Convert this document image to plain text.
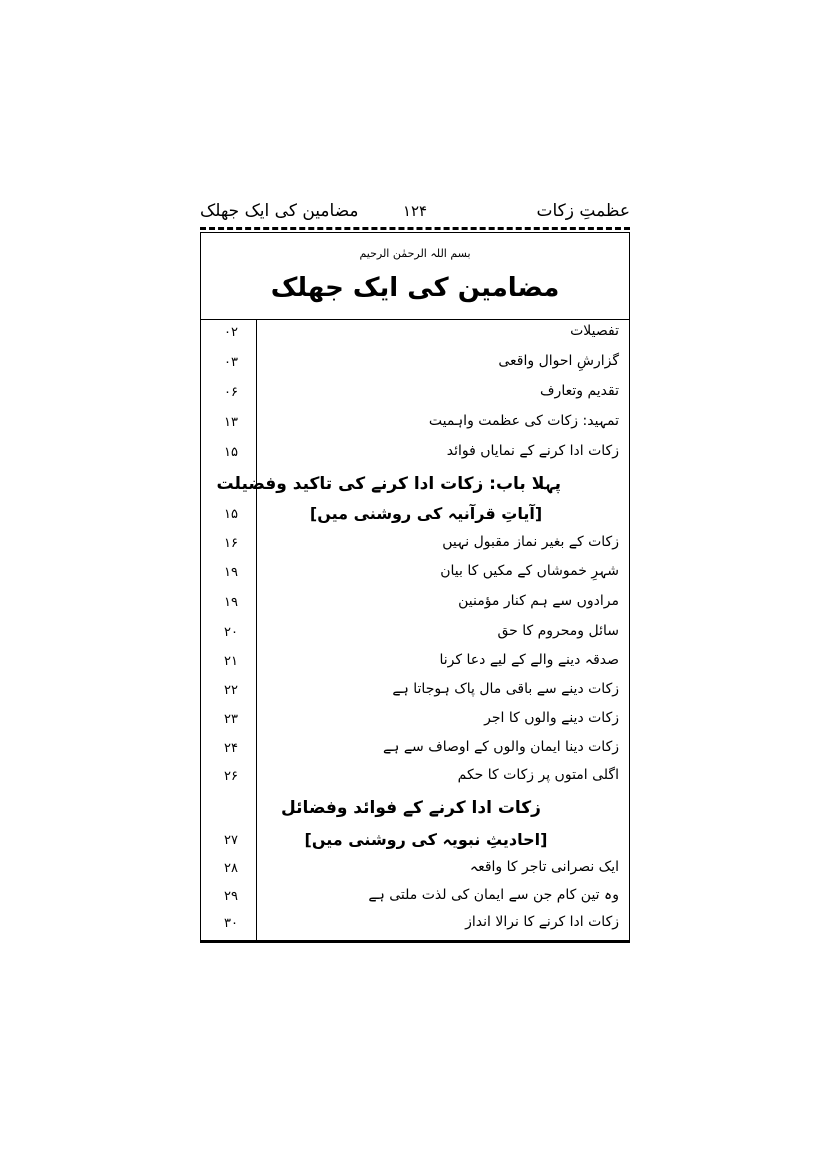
عظمتِ زکات
۱۲۴
مضامین کی ایک جھلک
بسم اللہ الرحمٰن الرحیم
مضامین کی ایک جھلک
تفصیلات
۰۲
گزارشِ احوال واقعی
۰۳
تقدیم وتعارف
۰۶
تمہید: زکات کی عظمت واہمیت
۱۳
زکات ادا کرنے کے نمایاں فوائد
۱۵
پہلا باب: زکات ادا کرنے کی تاکید وفضیلت
[آیاتِ قرآنیہ کی روشنی میں]
۱۵
زکات کے بغیر نماز مقبول نہیں
۱۶
شہرِ خموشاں کے مکیں کا بیان
۱۹
مرادوں سے ہم کنار مؤمنین
۱۹
سائل ومحروم کا حق
۲۰
صدقہ دینے والے کے لیے دعا کرنا
۲۱
زکات دینے سے باقی مال پاک ہوجاتا ہے
۲۲
زکات دینے والوں کا اجر
۲۳
زکات دینا ایمان والوں کے اوصاف سے ہے
۲۴
اگلی امتوں پر زکات کا حکم
۲۶
زکات ادا کرنے کے فوائد وفضائل
[احادیثِ نبویہ کی روشنی میں]
۲۷
ایک نصرانی تاجر کا واقعہ
۲۸
وہ تین کام جن سے ایمان کی لذت ملتی ہے
۲۹
زکات ادا کرنے کا نرالا انداز
۳۰
